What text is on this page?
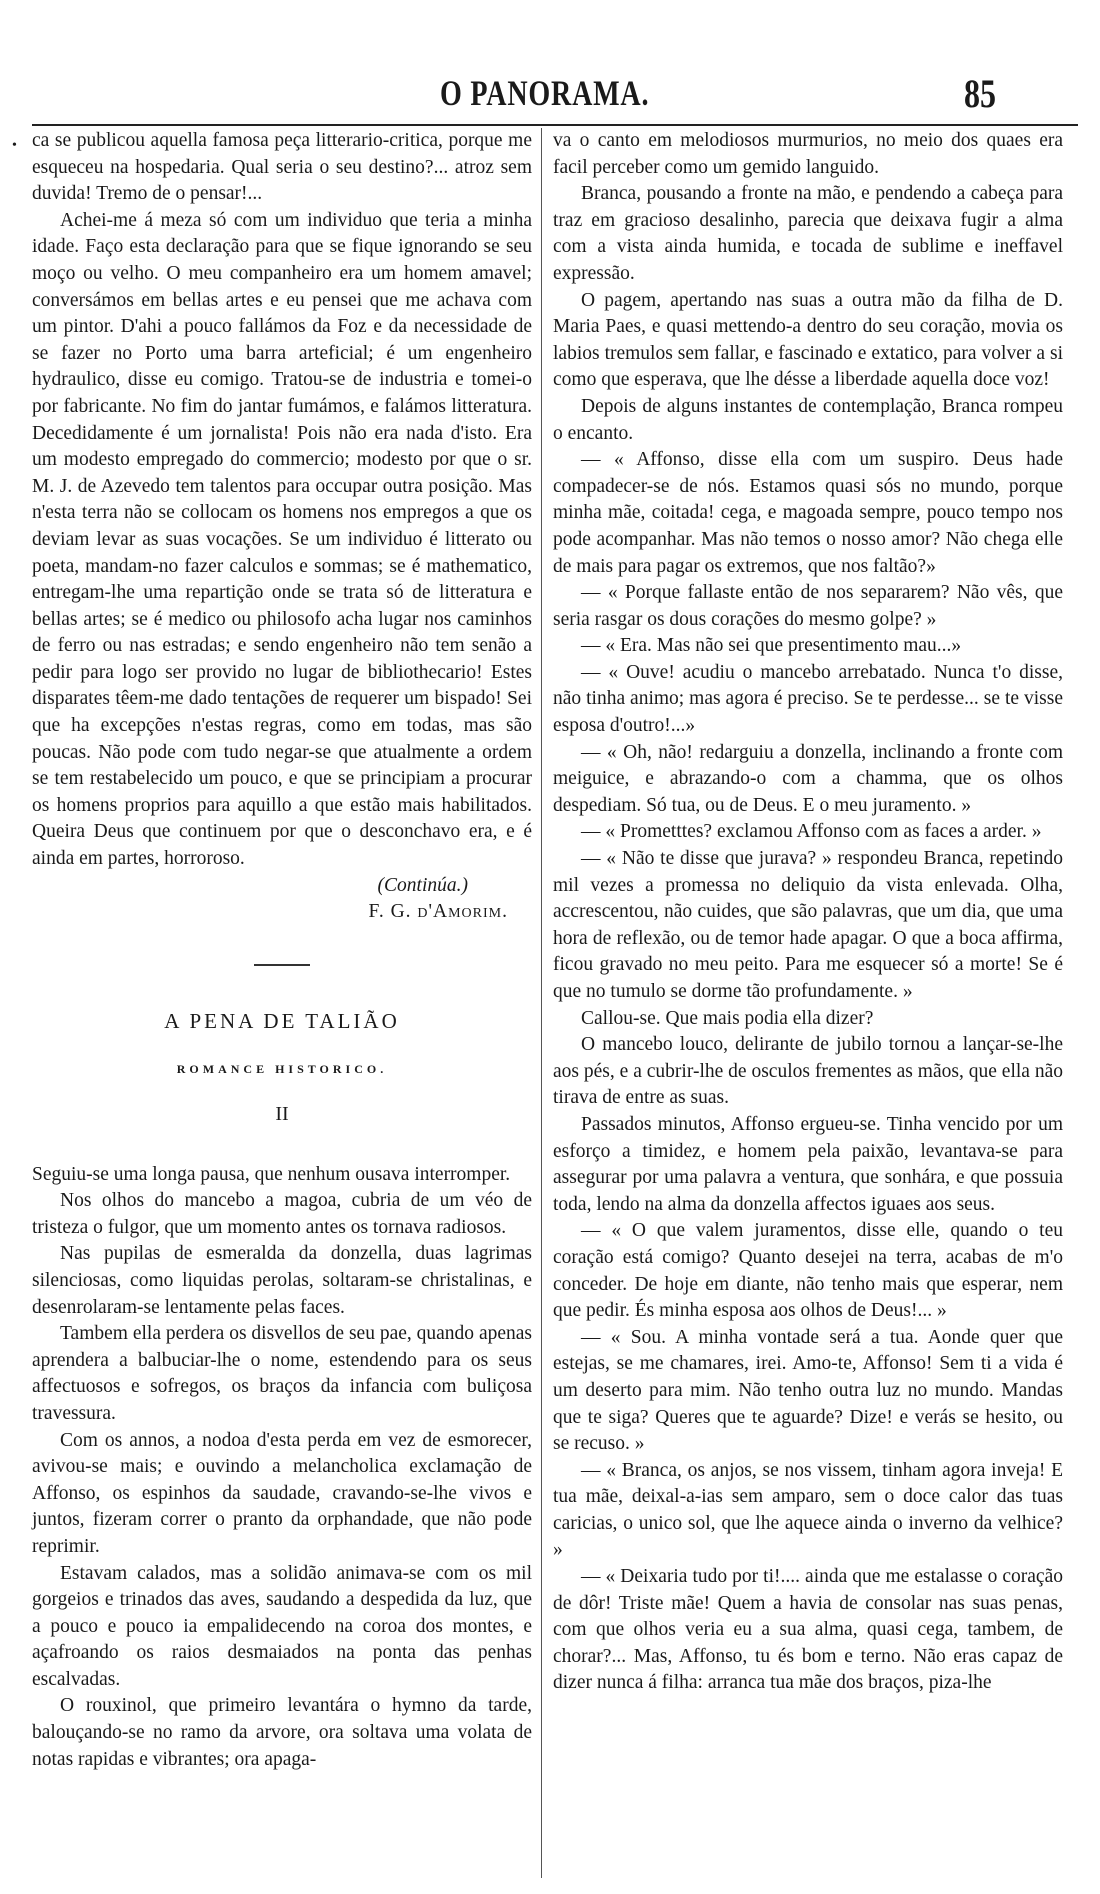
O PANORAMA.	85
• ca se publicou aquella famosa peça litterario-critica, porque me esqueceu na hospedaria. Qual seria o seu destino?... atroz sem duvida! Tremo de o pensar!...

Achei-me á meza só com um individuo que teria a minha idade. Faço esta declaração para que se fique ignorando se seu moço ou velho. O meu companheiro era um homem amavel; conversámos em bellas artes e eu pensei que me achava com um pintor. D'ahi a pouco fallámos da Foz e da necessidade de se fazer no Porto uma barra arteficial; é um engenheiro hydraulico, disse eu comigo. Tratou-se de industria e tomei-o por fabricante. No fim do jantar fumámos, e falámos litteratura. Decedidamente é um jornalista! Pois não era nada d'isto. Era um modesto empregado do commercio; modesto por que o sr. M. J. de Azevedo tem talentos para occupar outra posição. Mas n'esta terra não se collocam os homens nos empregos a que os deviam levar as suas vocações. Se um individuo é litterato ou poeta, mandam-no fazer calculos e sommas; se é mathematico, entregam-lhe uma repartição onde se trata só de litteratura e bellas artes; se é medico ou philosofo acha lugar nos caminhos de ferro ou nas estradas; e sendo engenheiro não tem senão a pedir para logo ser provido no lugar de bibliothecario! Estes disparates têem-me dado tentações de requerer um bispado! Sei que ha excepções n'estas regras, como em todas, mas são poucas. Não pode com tudo negar-se que atualmente a ordem se tem restabelecido um pouco, e que se principiam a procurar os homens proprios para aquillo a que estão mais habilitados. Queira Deus que continuem por que o desconchavo era, e é ainda em partes, horroroso.

(Continúa.)

F. G. d'Amorim.

A PENA DE TALIÃO
ROMANCE HISTORICO.
II

Seguiu-se uma longa pausa, que nenhum ousava interromper.

Nos olhos do mancebo a magoa, cubria de um véo de tristeza o fulgor, que um momento antes os tornava radiosos.

Nas pupilas de esmeralda da donzella, duas lagrimas silenciosas, como liquidas perolas, soltaram-se christalinas, e desenrolaram-se lentamente pelas faces.

Tambem ella perdera os disvellos de seu pae, quando apenas aprendera a balbuciar-lhe o nome, estendendo para os seus affectuosos e sofregos, os braços da infancia com buliçosa travessura.

Com os annos, a nodoa d'esta perda em vez de esmorecer, avivou-se mais; e ouvindo a melancholica exclamação de Affonso, os espinhos da saudade, cravando-se-lhe vivos e juntos, fizeram correr o pranto da orphandade, que não pode reprimir.

Estavam calados, mas a solidão animava-se com os mil gorgeios e trinados das aves, saudando a despedida da luz, que a pouco e pouco ia empalidecendo na coroa dos montes, e açafroando os raios desmaiados na ponta das penhas escalvadas.

O rouxinol, que primeiro levantára o hymno da tarde, balouçando-se no ramo da arvore, ora soltava uma volata de notas rapidas e vibrantes; ora apaga-

va o canto em melodiosos murmurios, no meio dos quaes era facil perceber como um gemido languido.

Branca, pousando a fronte na mão, e pendendo a cabeça para traz em gracioso desalinho, parecia que deixava fugir a alma com a vista ainda humida, e tocada de sublime e ineffavel expressão.

O pagem, apertando nas suas a outra mão da filha de D. Maria Paes, e quasi mettendo-a dentro do seu coração, movia os labios tremulos sem fallar, e fascinado e extatico, para volver a si como que esperava, que lhe désse a liberdade aquella doce voz!

Depois de alguns instantes de contemplação, Branca rompeu o encanto.

— « Affonso, disse ella com um suspiro. Deus hade compadecer-se de nós. Estamos quasi sós no mundo, porque minha mãe, coitada! cega, e magoada sempre, pouco tempo nos pode acompanhar. Mas não temos o nosso amor? Não chega elle de mais para pagar os extremos, que nos faltão?»

— « Porque fallaste então de nos separarem? Não vês, que seria rasgar os dous corações do mesmo golpe? »

— « Era. Mas não sei que presentimento mau...»

— « Ouve! acudiu o mancebo arrebatado. Nunca t'o disse, não tinha animo; mas agora é preciso. Se te perdesse... se te visse esposa d'outro!...»

— « Oh, não! redarguiu a donzella, inclinando a fronte com meiguice, e abrazando-o com a chamma, que os olhos despediam. Só tua, ou de Deus. E o meu juramento. »

— « Prometttes? exclamou Affonso com as faces a arder. »

— « Não te disse que jurava? » respondeu Branca, repetindo mil vezes a promessa no deliquio da vista enlevada. Olha, accrescentou, não cuides, que são palavras, que um dia, que uma hora de reflexão, ou de temor hade apagar. O que a boca affirma, ficou gravado no meu peito. Para me esquecer só a morte! Se é que no tumulo se dorme tão profundamente. »

Callou-se. Que mais podia ella dizer?

O mancebo louco, delirante de jubilo tornou a lançar-se-lhe aos pés, e a cubrir-lhe de osculos frementes as mãos, que ella não tirava de entre as suas.

Passados minutos, Affonso ergueu-se. Tinha vencido por um esforço a timidez, e homem pela paixão, levantava-se para assegurar por uma palavra a ventura, que sonhára, e que possuia toda, lendo na alma da donzella affectos iguaes aos seus.

— « O que valem juramentos, disse elle, quando o teu coração está comigo? Quanto desejei na terra, acabas de m'o conceder. De hoje em diante, não tenho mais que esperar, nem que pedir. És minha esposa aos olhos de Deus!... »

— « Sou. A minha vontade será a tua. Aonde quer que estejas, se me chamares, irei. Amo-te, Affonso! Sem ti a vida é um deserto para mim. Não tenho outra luz no mundo. Mandas que te siga? Queres que te aguarde? Dize! e verás se hesito, ou se recuso. »

— « Branca, os anjos, se nos vissem, tinham agora inveja! E tua mãe, deixal-a-ias sem amparo, sem o doce calor das tuas caricias, o unico sol, que lhe aquece ainda o inverno da velhice? »

— « Deixaria tudo por ti!.... ainda que me estalasse o coração de dôr! Triste mãe! Quem a havia de consolar nas suas penas, com que olhos veria eu a sua alma, quasi cega, tambem, de chorar?... Mas, Affonso, tu és bom e terno. Não eras capaz de dizer nunca á filha: arranca tua mãe dos braços, piza-lhe
